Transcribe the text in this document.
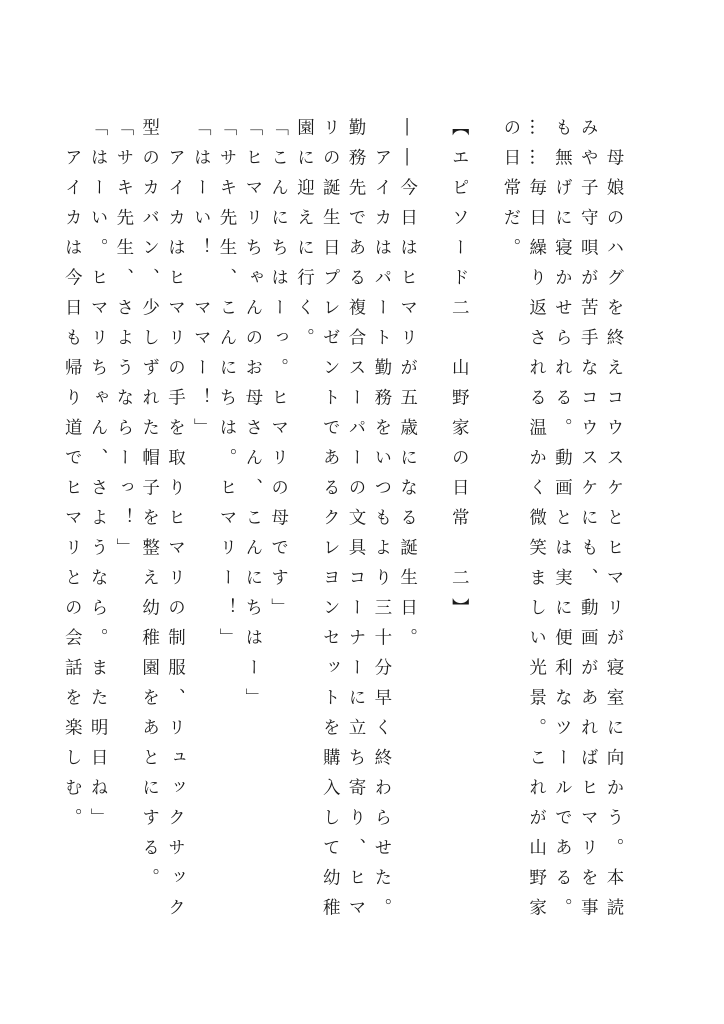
　母娘のハグを終えコウスケとヒマリが寝室に向かう。本読みや子守唄が苦手なコウスケにも、動画があればヒマリを事も無げに寝かせられる。動画とは実に便利なツールである。

……毎日繰り返される温かく微笑ましい光景。これが山野家の日常だ。

【エピソード二　山野家の日常　二】

――今日はヒマリが五歳になる誕生日。

　アイカはパート勤務をいつもより三十分早く終わらせた。勤務先である複合スーパーの文具コーナーに立ち寄り、ヒマリの誕生日プレゼントであるクレヨンセットを購入して幼稚園に迎えに行く。

「こんにちはーっ。ヒマリの母です」

「ヒマリちゃんのお母さん、こんにちはー」

「サキ先生、こんにちは。ヒマリー！」

「はーい！　ママー！」

　アイカはヒマリの手を取りヒマリの制服、リュックサック型のカバン、少しずれた帽子を整え幼稚園をあとにする。

「サキ先生、さようならーっ！」

「はーい。ヒマリちゃん、さようなら。また明日ね」

　アイカは今日も帰り道でヒマリとの会話を楽しむ。
